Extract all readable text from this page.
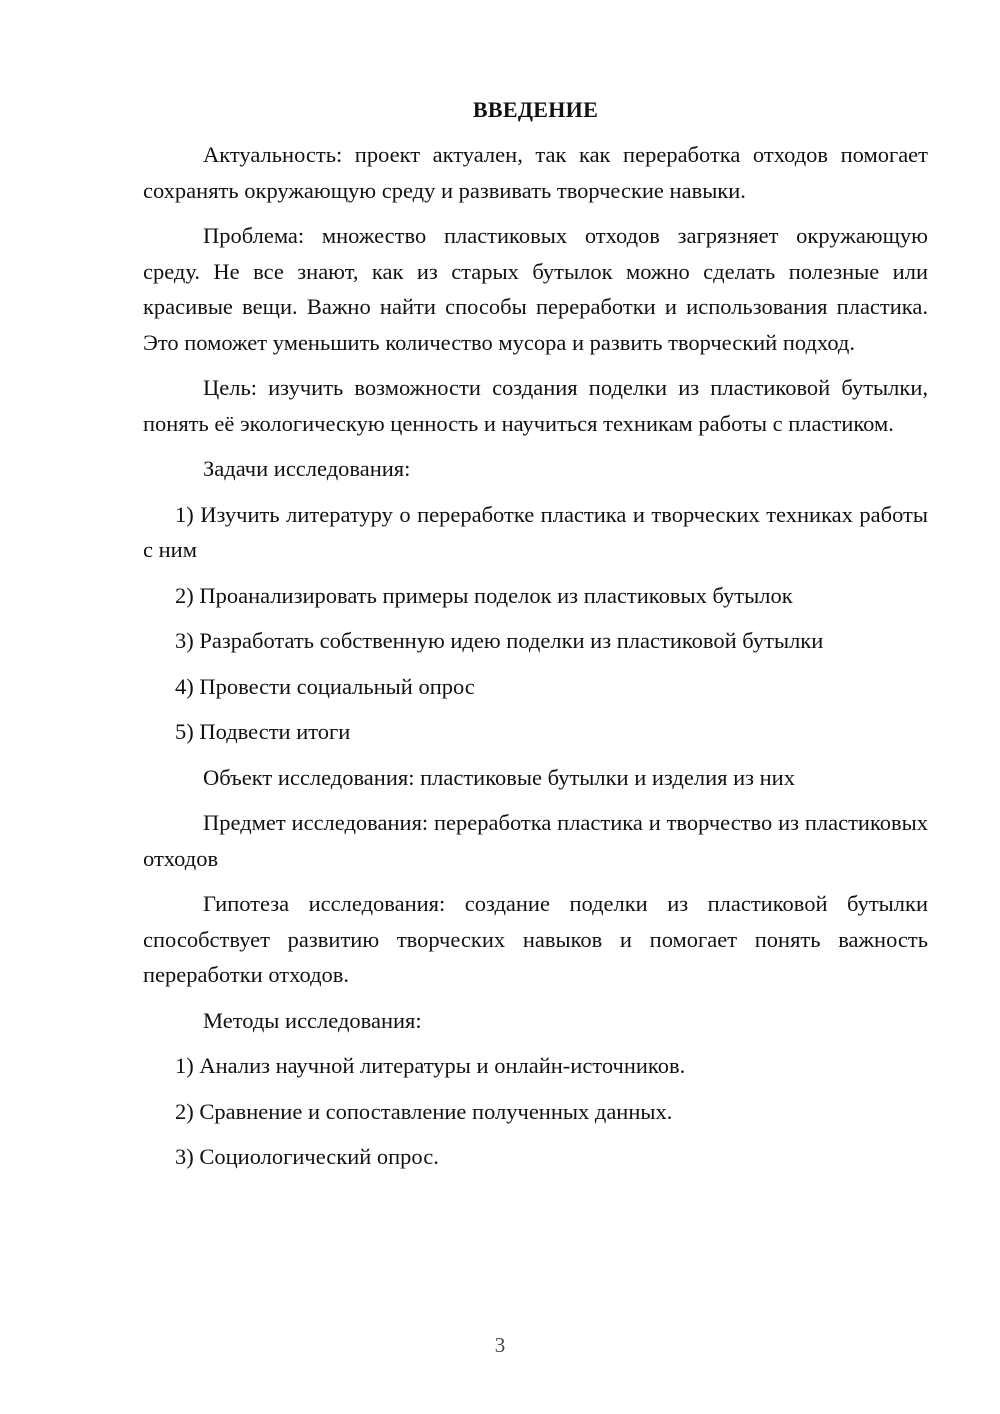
ВВЕДЕНИЕ
Актуальность: проект актуален, так как переработка отходов помогает сохранять окружающую среду и развивать творческие навыки.
Проблема: множество пластиковых отходов загрязняет окружающую среду. Не все знают, как из старых бутылок можно сделать полезные или красивые вещи. Важно найти способы переработки и использования пластика. Это поможет уменьшить количество мусора и развить творческий подход.
Цель: изучить возможности создания поделки из пластиковой бутылки, понять её экологическую ценность и научиться техникам работы с пластиком.
Задачи исследования:
1) Изучить литературу о переработке пластика и творческих техниках работы с ним
2) Проанализировать примеры поделок из пластиковых бутылок
3) Разработать собственную идею поделки из пластиковой бутылки
4) Провести социальный опрос
5) Подвести итоги
Объект исследования: пластиковые бутылки и изделия из них
Предмет исследования: переработка пластика и творчество из пластиковых отходов
Гипотеза исследования: создание поделки из пластиковой бутылки способствует развитию творческих навыков и помогает понять важность переработки отходов.
Методы исследования:
1) Анализ научной литературы и онлайн-источников.
2) Сравнение и сопоставление полученных данных.
3) Социологический опрос.
3
